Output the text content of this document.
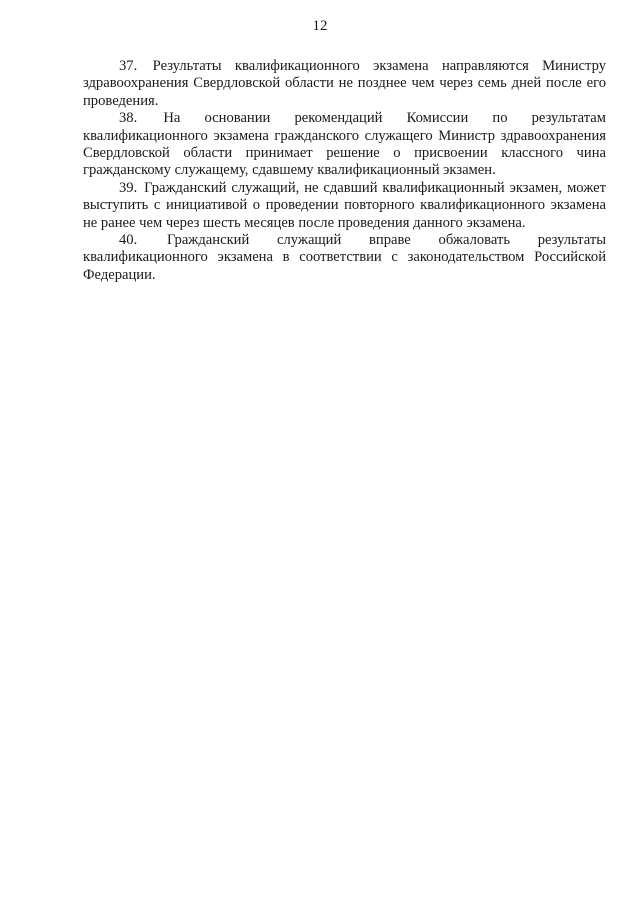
12

37. Результаты квалификационного экзамена направляются Министру здравоохранения Свердловской области не позднее чем через семь дней после его проведения.

38. На основании рекомендаций Комиссии по результатам квалификационного экзамена гражданского служащего Министр здравоохранения Свердловской области принимает решение о присвоении классного чина гражданскому служащему, сдавшему квалификационный экзамен.

39. Гражданский служащий, не сдавший квалификационный экзамен, может выступить с инициативой о проведении повторного квалификационного экзамена не ранее чем через шесть месяцев после проведения данного экзамена.

40. Гражданский служащий вправе обжаловать результаты квалификационного экзамена в соответствии с законодательством Российской Федерации.
